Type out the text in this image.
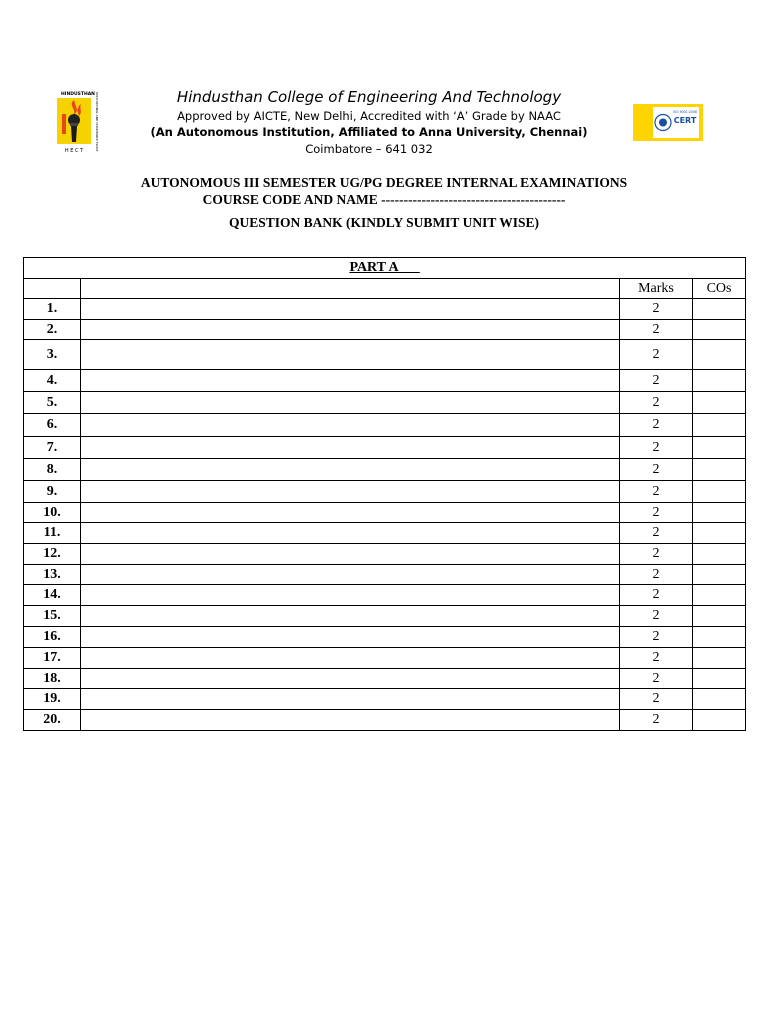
HINDUSTHAN EDUCATIONAL AND CHARITABLE TRUST
H E C T
ISO 9001:2008
CERT
Hindusthan College of Engineering And Technology
Approved by AICTE, New Delhi, Accredited with ‘A’ Grade by NAAC
(An Autonomous Institution, Affiliated to Anna University, Chennai)
Coimbatore – 641 032
AUTONOMOUS III SEMESTER UG/PG DEGREE INTERNAL EXAMINATIONS
COURSE CODE AND NAME -----------------------------------------
QUESTION BANK (KINDLY SUBMIT UNIT WISE)
PART A___			
		Marks	COs
1.		2	
2.		2	
3.		2	
4.		2	
5.		2	
6.		2	
7.		2	
8.		2	
9.		2	
10.		2	
11.		2	
12.		2	
13.		2	
14.		2	
15.		2	
16.		2	
17.		2	
18.		2	
19.		2	
20.		2	
